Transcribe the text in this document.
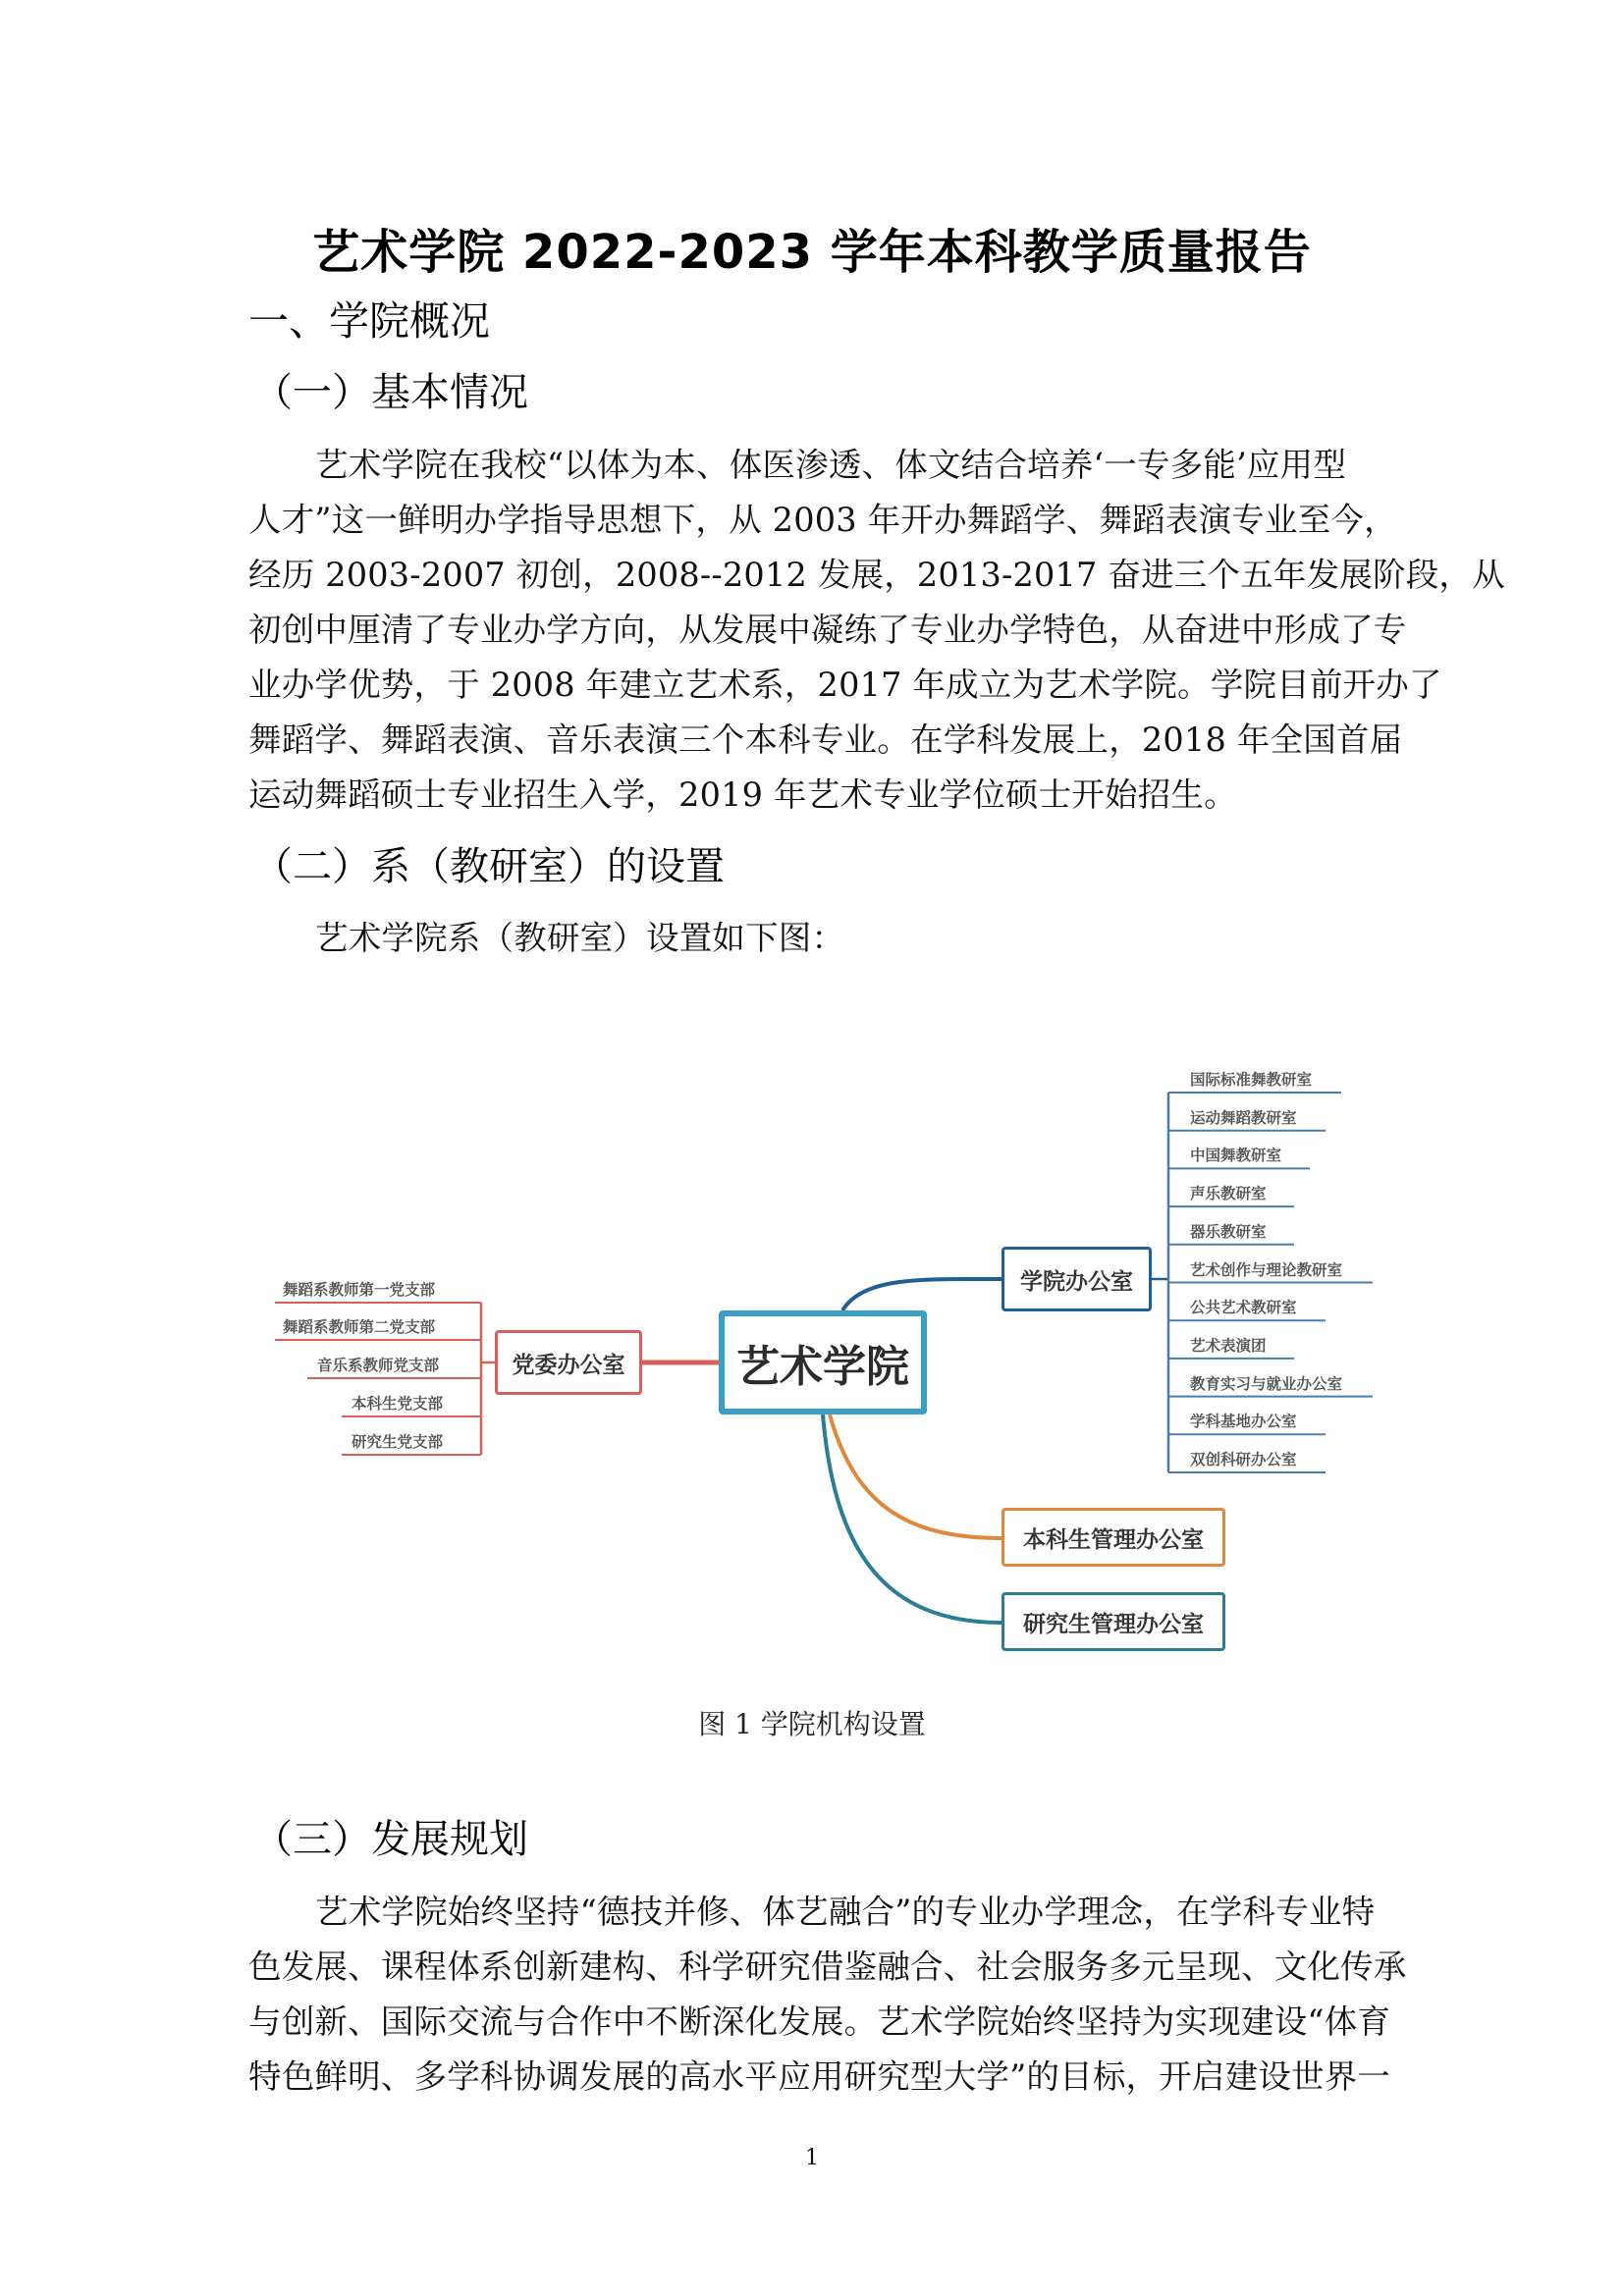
艺术学院 2022-2023 学年本科教学质量报告
一、学院概况
（一）基本情况
艺术学院在我校“以体为本、体医渗透、体文结合培养‘一专多能’应用型
人才”这一鲜明办学指导思想下，从 2003 年开办舞蹈学、舞蹈表演专业至今，
经历 2003-2007 初创，2008--2012 发展，2013-2017 奋进三个五年发展阶段，从
初创中厘清了专业办学方向，从发展中凝练了专业办学特色，从奋进中形成了专
业办学优势，于 2008 年建立艺术系，2017 年成立为艺术学院。学院目前开办了
舞蹈学、舞蹈表演、音乐表演三个本科专业。在学科发展上，2018 年全国首届
运动舞蹈硕士专业招生入学，2019 年艺术专业学位硕士开始招生。
（二）系（教研室）的设置
艺术学院系（教研室）设置如下图：
艺术学院
党委办公室
舞蹈系教师第一党支部
舞蹈系教师第二党支部
音乐系教师党支部
本科生党支部
研究生党支部
学院办公室
国际标准舞教研室
运动舞蹈教研室
中国舞教研室
声乐教研室
器乐教研室
艺术创作与理论教研室
公共艺术教研室
艺术表演团
教育实习与就业办公室
学科基地办公室
双创科研办公室
本科生管理办公室
研究生管理办公室
图 1 学院机构设置
（三）发展规划
艺术学院始终坚持“德技并修、体艺融合”的专业办学理念，在学科专业特
色发展、课程体系创新建构、科学研究借鉴融合、社会服务多元呈现、文化传承
与创新、国际交流与合作中不断深化发展。艺术学院始终坚持为实现建设“体育
特色鲜明、多学科协调发展的高水平应用研究型大学”的目标，开启建设世界一
1
